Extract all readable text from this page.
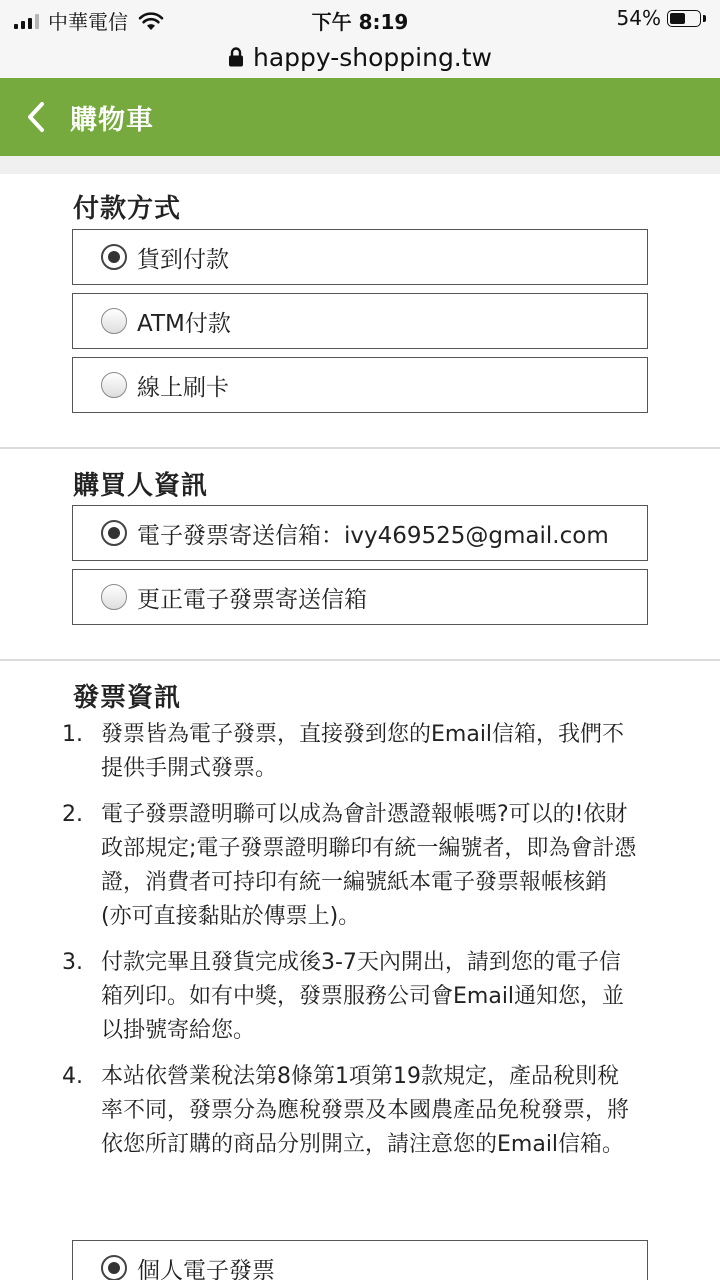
中華電信	下午 8:19	54%
happy-shopping.tw
購物車
付款方式
貨到付款
ATM付款
線上刷卡
購買人資訊
電子發票寄送信箱：ivy469525@gmail.com
更正電子發票寄送信箱
發票資訊
1. 發票皆為電子發票，直接發到您的Email信箱，我們不提供手開式發票。
2. 電子發票證明聯可以成為會計憑證報帳嗎?可以的!依財政部規定;電子發票證明聯印有統一編號者，即為會計憑證，消費者可持印有統一編號紙本電子發票報帳核銷 (亦可直接黏貼於傳票上)。
3. 付款完畢且發貨完成後3-7天內開出，請到您的電子信箱列印。如有中獎，發票服務公司會Email通知您，並以掛號寄給您。
4. 本站依營業稅法第8條第1項第19款規定，產品稅則稅率不同，發票分為應稅發票及本國農產品免稅發票，將依您所訂購的商品分別開立，請注意您的Email信箱。
個人電子發票
